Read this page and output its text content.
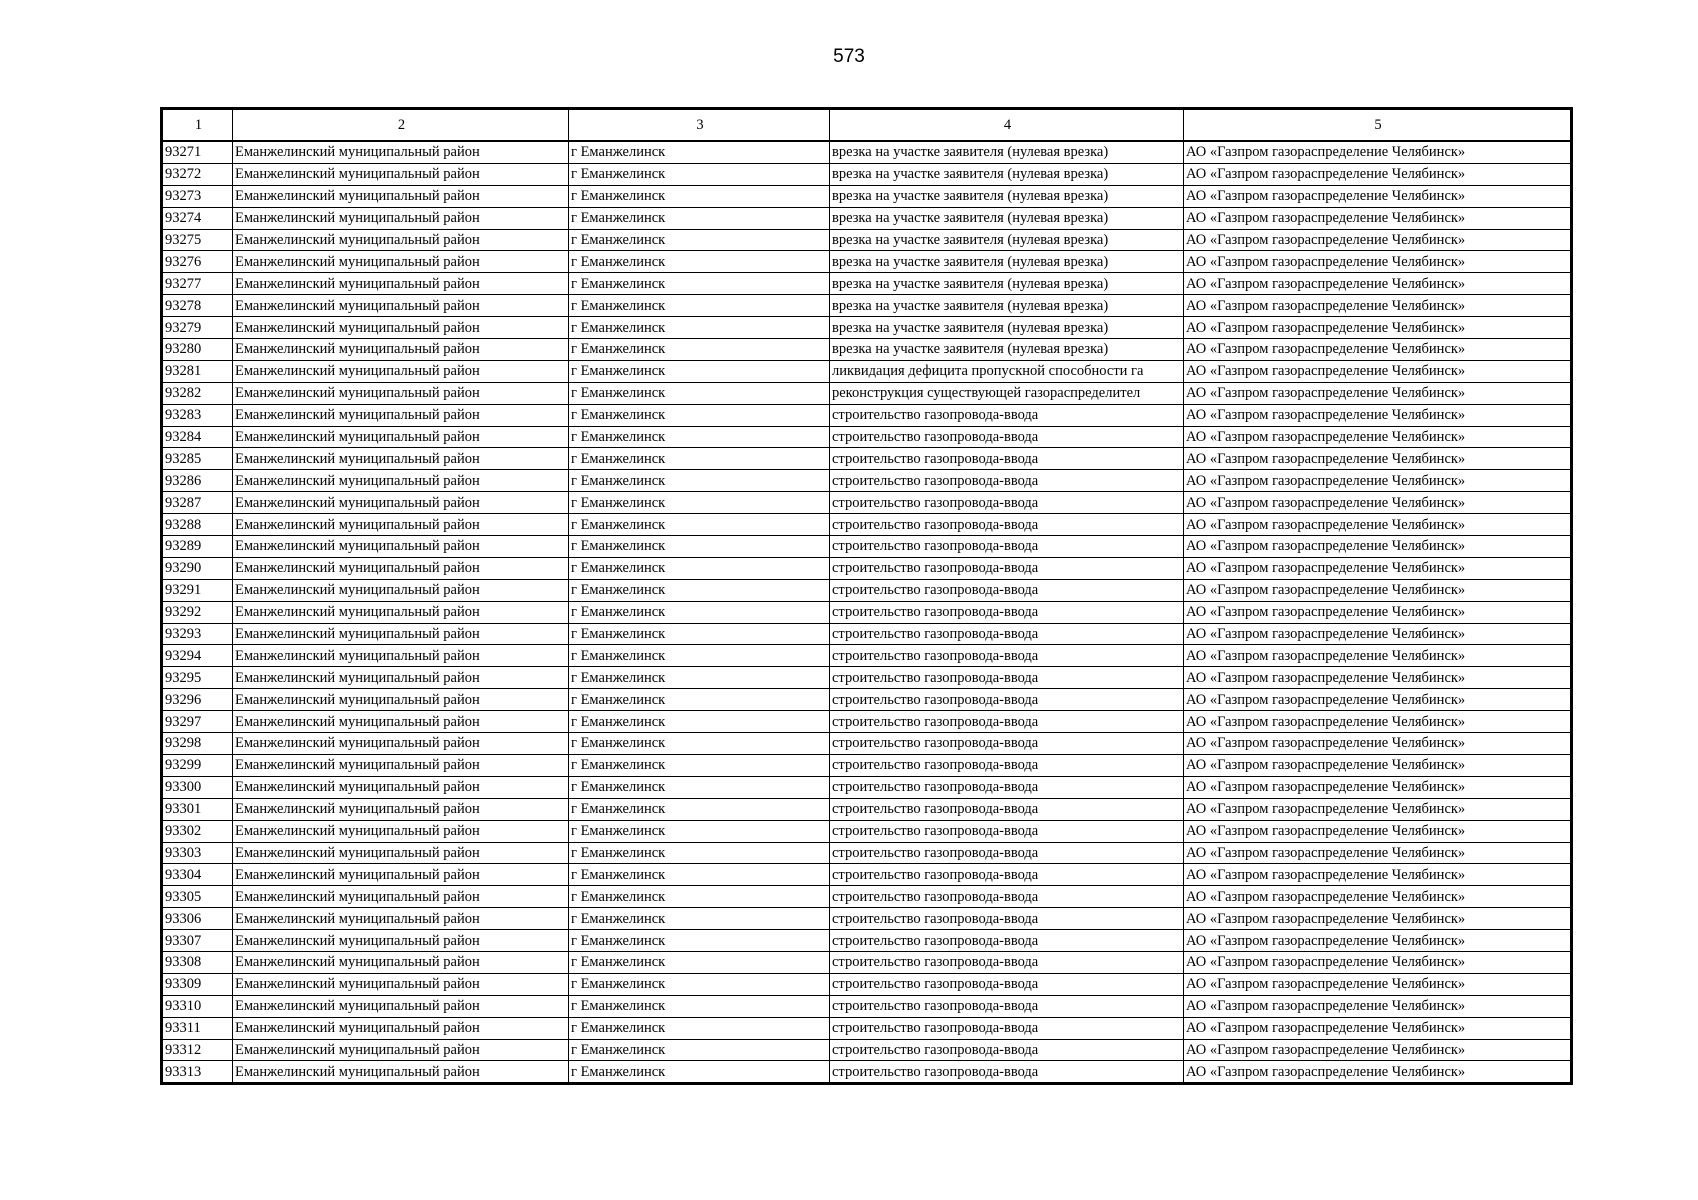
573
1	2	3	4	5
93271	Еманжелинский муниципальный район	г Еманжелинск	врезка на участке заявителя (нулевая врезка)	АО «Газпром газораспределение Челябинск»
93272	Еманжелинский муниципальный район	г Еманжелинск	врезка на участке заявителя (нулевая врезка)	АО «Газпром газораспределение Челябинск»
93273	Еманжелинский муниципальный район	г Еманжелинск	врезка на участке заявителя (нулевая врезка)	АО «Газпром газораспределение Челябинск»
93274	Еманжелинский муниципальный район	г Еманжелинск	врезка на участке заявителя (нулевая врезка)	АО «Газпром газораспределение Челябинск»
93275	Еманжелинский муниципальный район	г Еманжелинск	врезка на участке заявителя (нулевая врезка)	АО «Газпром газораспределение Челябинск»
93276	Еманжелинский муниципальный район	г Еманжелинск	врезка на участке заявителя (нулевая врезка)	АО «Газпром газораспределение Челябинск»
93277	Еманжелинский муниципальный район	г Еманжелинск	врезка на участке заявителя (нулевая врезка)	АО «Газпром газораспределение Челябинск»
93278	Еманжелинский муниципальный район	г Еманжелинск	врезка на участке заявителя (нулевая врезка)	АО «Газпром газораспределение Челябинск»
93279	Еманжелинский муниципальный район	г Еманжелинск	врезка на участке заявителя (нулевая врезка)	АО «Газпром газораспределение Челябинск»
93280	Еманжелинский муниципальный район	г Еманжелинск	врезка на участке заявителя (нулевая врезка)	АО «Газпром газораспределение Челябинск»
93281	Еманжелинский муниципальный район	г Еманжелинск	ликвидация дефицита пропускной способности га	АО «Газпром газораспределение Челябинск»
93282	Еманжелинский муниципальный район	г Еманжелинск	реконструкция существующей газораспределител	АО «Газпром газораспределение Челябинск»
93283	Еманжелинский муниципальный район	г Еманжелинск	строительство газопровода-ввода	АО «Газпром газораспределение Челябинск»
93284	Еманжелинский муниципальный район	г Еманжелинск	строительство газопровода-ввода	АО «Газпром газораспределение Челябинск»
93285	Еманжелинский муниципальный район	г Еманжелинск	строительство газопровода-ввода	АО «Газпром газораспределение Челябинск»
93286	Еманжелинский муниципальный район	г Еманжелинск	строительство газопровода-ввода	АО «Газпром газораспределение Челябинск»
93287	Еманжелинский муниципальный район	г Еманжелинск	строительство газопровода-ввода	АО «Газпром газораспределение Челябинск»
93288	Еманжелинский муниципальный район	г Еманжелинск	строительство газопровода-ввода	АО «Газпром газораспределение Челябинск»
93289	Еманжелинский муниципальный район	г Еманжелинск	строительство газопровода-ввода	АО «Газпром газораспределение Челябинск»
93290	Еманжелинский муниципальный район	г Еманжелинск	строительство газопровода-ввода	АО «Газпром газораспределение Челябинск»
93291	Еманжелинский муниципальный район	г Еманжелинск	строительство газопровода-ввода	АО «Газпром газораспределение Челябинск»
93292	Еманжелинский муниципальный район	г Еманжелинск	строительство газопровода-ввода	АО «Газпром газораспределение Челябинск»
93293	Еманжелинский муниципальный район	г Еманжелинск	строительство газопровода-ввода	АО «Газпром газораспределение Челябинск»
93294	Еманжелинский муниципальный район	г Еманжелинск	строительство газопровода-ввода	АО «Газпром газораспределение Челябинск»
93295	Еманжелинский муниципальный район	г Еманжелинск	строительство газопровода-ввода	АО «Газпром газораспределение Челябинск»
93296	Еманжелинский муниципальный район	г Еманжелинск	строительство газопровода-ввода	АО «Газпром газораспределение Челябинск»
93297	Еманжелинский муниципальный район	г Еманжелинск	строительство газопровода-ввода	АО «Газпром газораспределение Челябинск»
93298	Еманжелинский муниципальный район	г Еманжелинск	строительство газопровода-ввода	АО «Газпром газораспределение Челябинск»
93299	Еманжелинский муниципальный район	г Еманжелинск	строительство газопровода-ввода	АО «Газпром газораспределение Челябинск»
93300	Еманжелинский муниципальный район	г Еманжелинск	строительство газопровода-ввода	АО «Газпром газораспределение Челябинск»
93301	Еманжелинский муниципальный район	г Еманжелинск	строительство газопровода-ввода	АО «Газпром газораспределение Челябинск»
93302	Еманжелинский муниципальный район	г Еманжелинск	строительство газопровода-ввода	АО «Газпром газораспределение Челябинск»
93303	Еманжелинский муниципальный район	г Еманжелинск	строительство газопровода-ввода	АО «Газпром газораспределение Челябинск»
93304	Еманжелинский муниципальный район	г Еманжелинск	строительство газопровода-ввода	АО «Газпром газораспределение Челябинск»
93305	Еманжелинский муниципальный район	г Еманжелинск	строительство газопровода-ввода	АО «Газпром газораспределение Челябинск»
93306	Еманжелинский муниципальный район	г Еманжелинск	строительство газопровода-ввода	АО «Газпром газораспределение Челябинск»
93307	Еманжелинский муниципальный район	г Еманжелинск	строительство газопровода-ввода	АО «Газпром газораспределение Челябинск»
93308	Еманжелинский муниципальный район	г Еманжелинск	строительство газопровода-ввода	АО «Газпром газораспределение Челябинск»
93309	Еманжелинский муниципальный район	г Еманжелинск	строительство газопровода-ввода	АО «Газпром газораспределение Челябинск»
93310	Еманжелинский муниципальный район	г Еманжелинск	строительство газопровода-ввода	АО «Газпром газораспределение Челябинск»
93311	Еманжелинский муниципальный район	г Еманжелинск	строительство газопровода-ввода	АО «Газпром газораспределение Челябинск»
93312	Еманжелинский муниципальный район	г Еманжелинск	строительство газопровода-ввода	АО «Газпром газораспределение Челябинск»
93313	Еманжелинский муниципальный район	г Еманжелинск	строительство газопровода-ввода	АО «Газпром газораспределение Челябинск»
